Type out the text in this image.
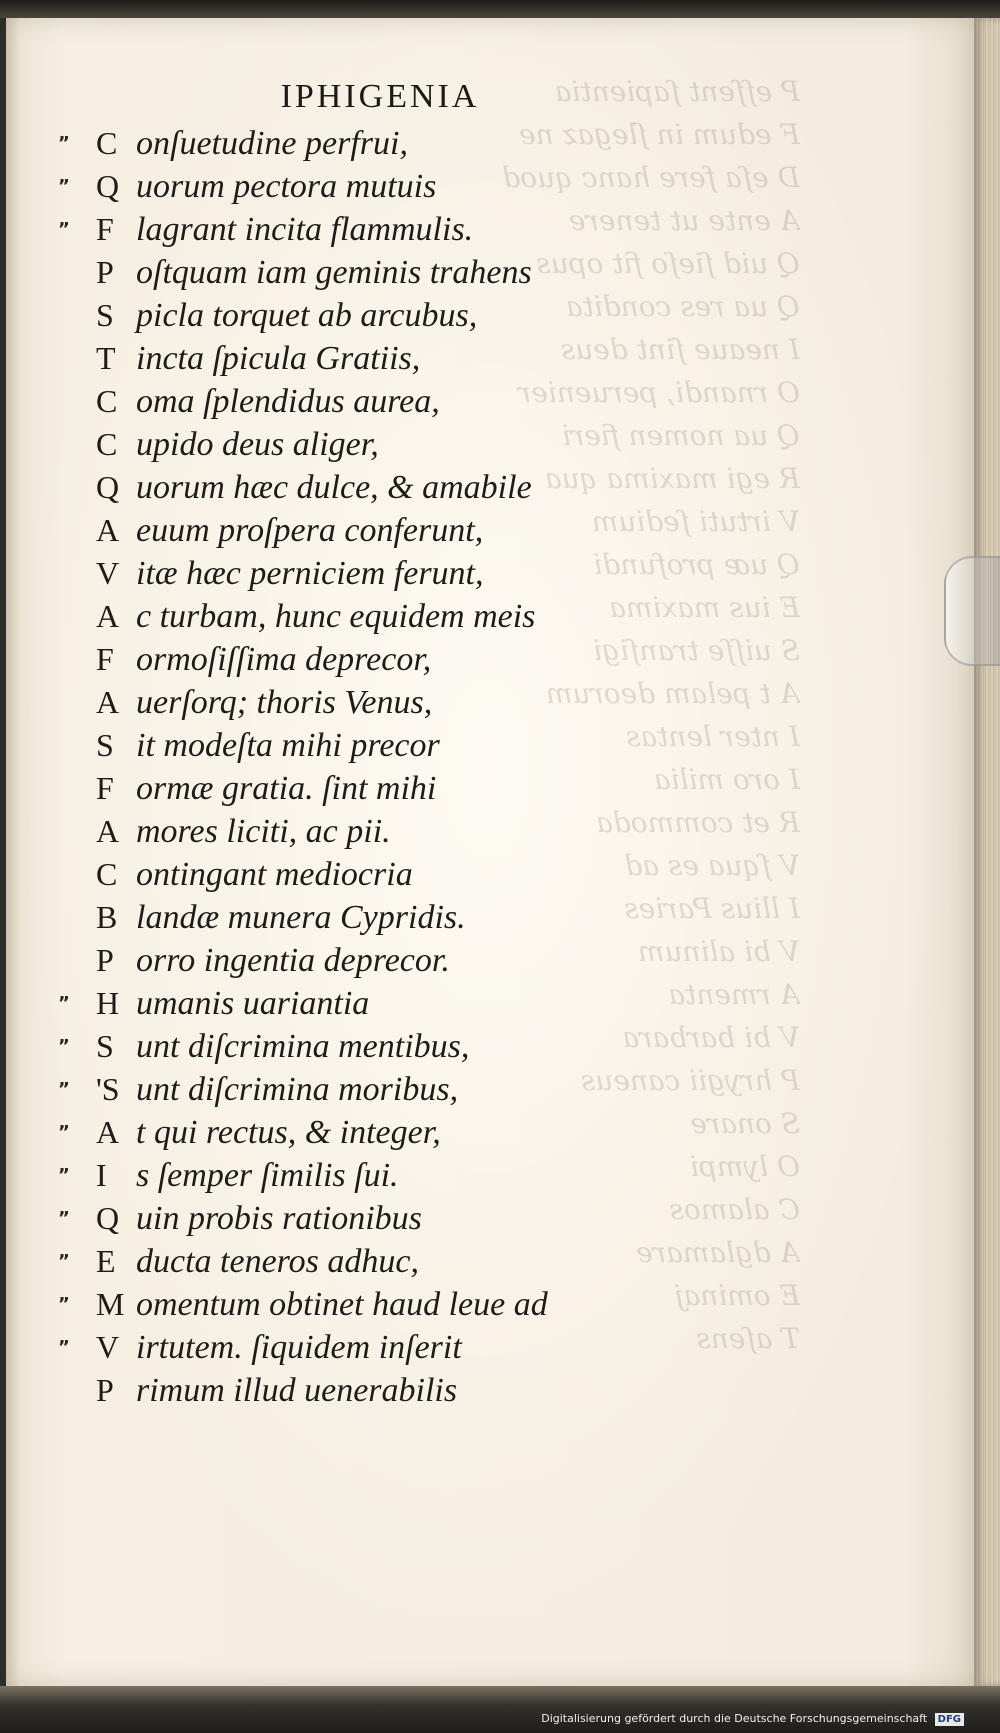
P eſſent ſapientia
F edum in ſlegaz ne
D eſa fere hanc quod
A ente ut tenere
Q uid ſieſo fit opus
Q ua res condita
I neaue ſint deus
O rnandi, peruenier
Q ua nomen fieri
R egi maxima qua
V irtuti ſedium
Q uæ profundi
E ius maxima
S uiſſe tranſigi
A t pelam deorum
I nter lentas
I oro milia
R et commoda
V ſqua es ad
I llius Paries
V bi alinum
A rmenta
V bi barbara
P hrygii caneus
S onare
O lympi
C alamos
A dglamare
E ominaj
T aſens
IPHIGENIA
” C onſuetudine perfrui,
” Q uorum pectora mutuis
” F lagrant incita flammulis.
P oſtquam iam geminis trahens
S picla torquet ab arcubus,
T incta ſpicula Gratiis,
C oma ſplendidus aurea,
C upido deus aliger,
Q uorum hæc dulce, & amabile
A euum proſpera conferunt,
V itæ hæc perniciem ferunt,
A c turbam, hunc equidem meis
F ormoſiſſima deprecor,
A uerſorq; thoris Venus,
S it modeſta mihi precor
F ormæ gratia. ſint mihi
A mores liciti, ac pii.
C ontingant mediocria
B landæ munera Cypridis.
P orro ingentia deprecor.
” H umanis uariantia
” S unt diſcrimina mentibus,
” 'S unt diſcrimina moribus,
” A t qui rectus, & integer,
” I s ſemper ſimilis ſui.
” Q uin probis rationibus
” E ducta teneros adhuc,
” M omentum obtinet haud leue ad
” V irtutem. ſiquidem inſerit
P rimum illud uenerabilis
Digitalisierung gefördert durch die Deutsche Forschungsgemeinschaft DFG
